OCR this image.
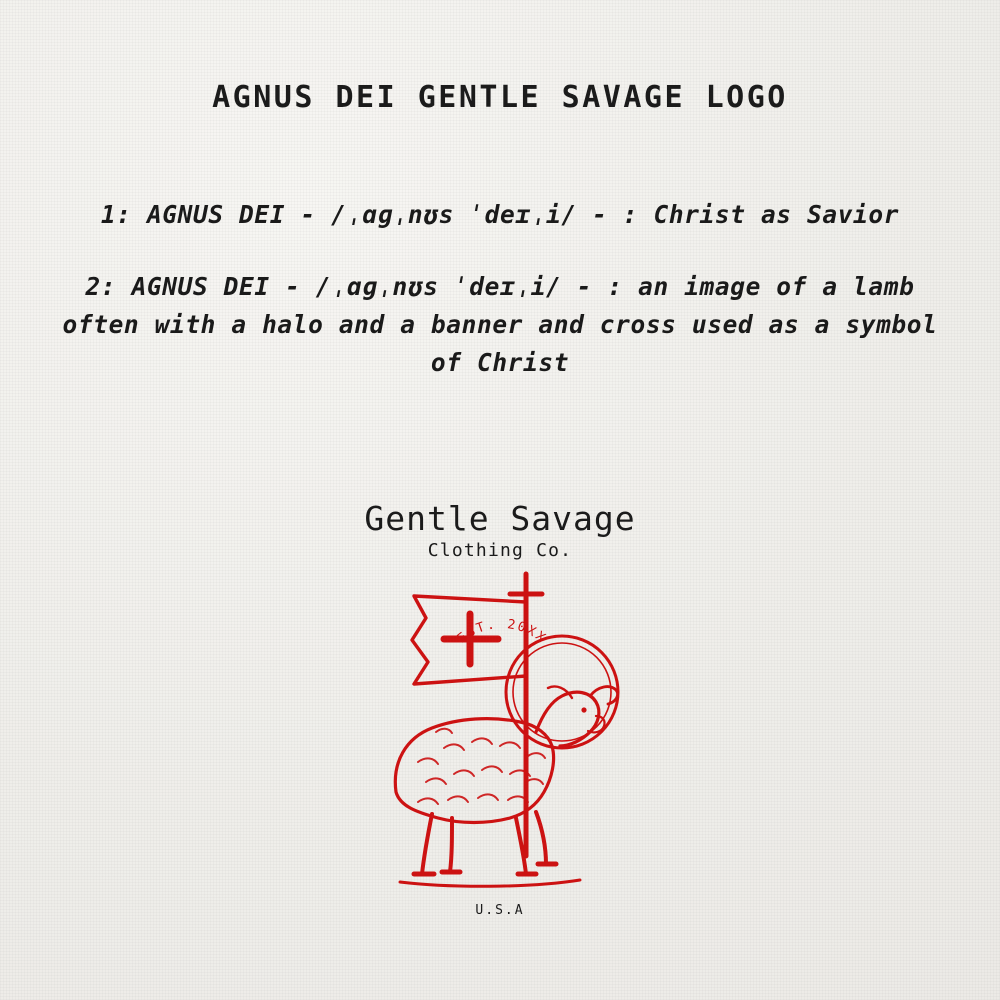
AGNUS DEI GENTLE SAVAGE LOGO
1: AGNUS DEI - /ˌɑɡˌnʊs ˈdeɪˌi/ - : Christ as Savior
2: AGNUS DEI - /ˌɑɡˌnʊs ˈdeɪˌi/ - : an image of a lamb often with a halo and a banner and cross used as a symbol of Christ
Gentle Savage
Clothing Co.
EST. 20XX
U.S.A
